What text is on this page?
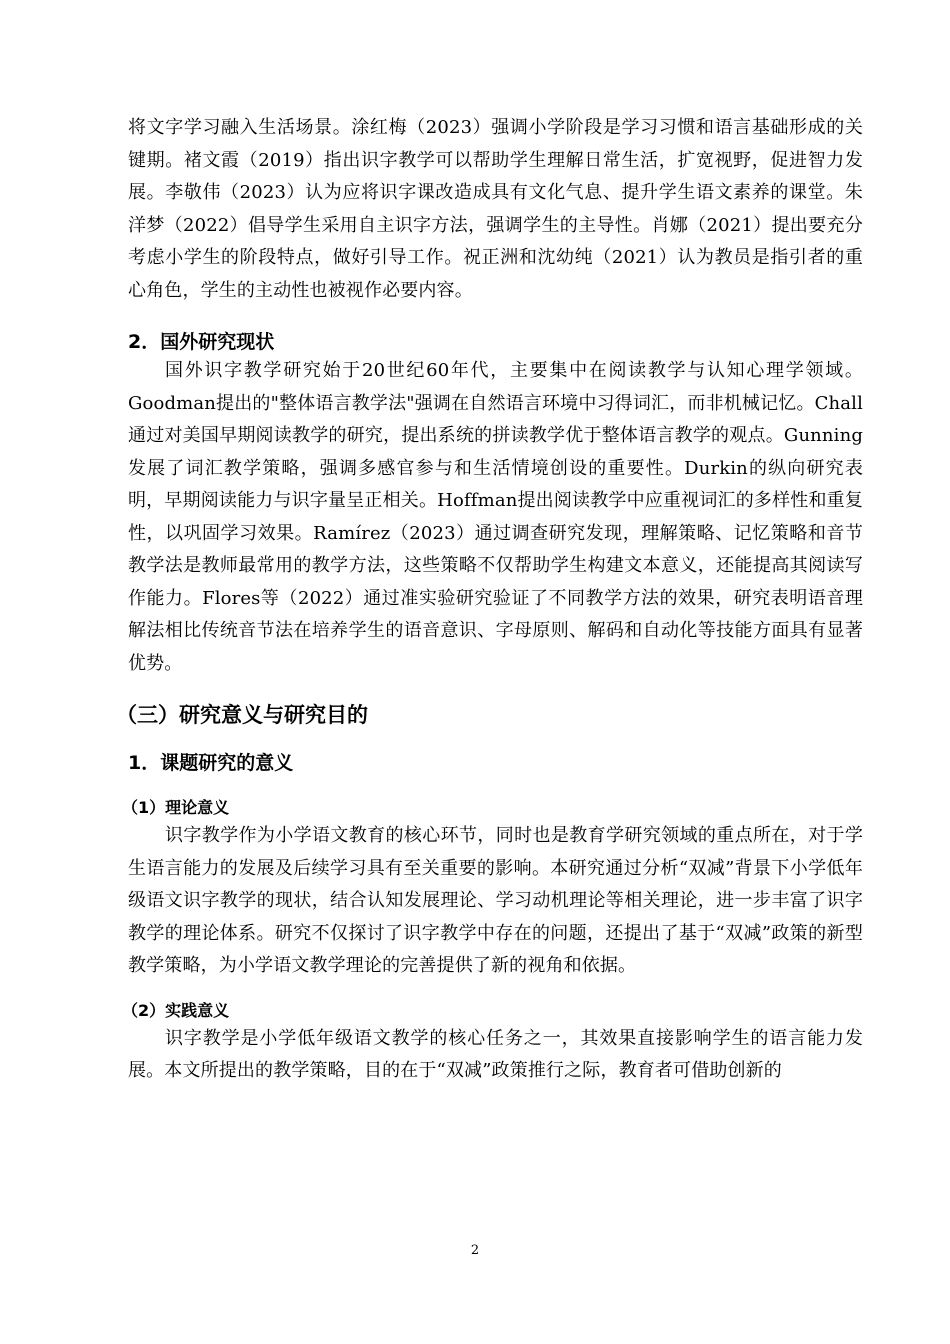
将文字学习融入生活场景。涂红梅（2023）强调小学阶段是学习习惯和语言基础形成的关键期。褚文霞（2019）指出识字教学可以帮助学生理解日常生活，扩宽视野，促进智力发展。李敬伟（2023）认为应将识字课改造成具有文化气息、提升学生语文素养的课堂。朱洋梦（2022）倡导学生采用自主识字方法，强调学生的主导性。肖娜（2021）提出要充分考虑小学生的阶段特点，做好引导工作。祝正洲和沈幼纯（2021）认为教员是指引者的重心角色，学生的主动性也被视作必要内容。

2．国外研究现状

国外识字教学研究始于20世纪60年代，主要集中在阅读教学与认知心理学领域。Goodman提出的"整体语言教学法"强调在自然语言环境中习得词汇，而非机械记忆。Chall通过对美国早期阅读教学的研究，提出系统的拼读教学优于整体语言教学的观点。Gunning发展了词汇教学策略，强调多感官参与和生活情境创设的重要性。Durkin的纵向研究表明，早期阅读能力与识字量呈正相关。Hoffman提出阅读教学中应重视词汇的多样性和重复性，以巩固学习效果。Ramírez（2023）通过调查研究发现，理解策略、记忆策略和音节教学法是教师最常用的教学方法，这些策略不仅帮助学生构建文本意义，还能提高其阅读写作能力。Flores等（2022）通过准实验研究验证了不同教学方法的效果，研究表明语音理解法相比传统音节法在培养学生的语音意识、字母原则、解码和自动化等技能方面具有显著优势。

（三）研究意义与研究目的
1．课题研究的意义
（1）理论意义

识字教学作为小学语文教育的核心环节，同时也是教育学研究领域的重点所在，对于学生语言能力的发展及后续学习具有至关重要的影响。本研究通过分析“双减”背景下小学低年级语文识字教学的现状，结合认知发展理论、学习动机理论等相关理论，进一步丰富了识字教学的理论体系。研究不仅探讨了识字教学中存在的问题，还提出了基于“双减”政策的新型教学策略，为小学语文教学理论的完善提供了新的视角和依据。

（2）实践意义

识字教学是小学低年级语文教学的核心任务之一，其效果直接影响学生的语言能力发展。本文所提出的教学策略，目的在于“双减”政策推行之际，教育者可借助创新的

2
